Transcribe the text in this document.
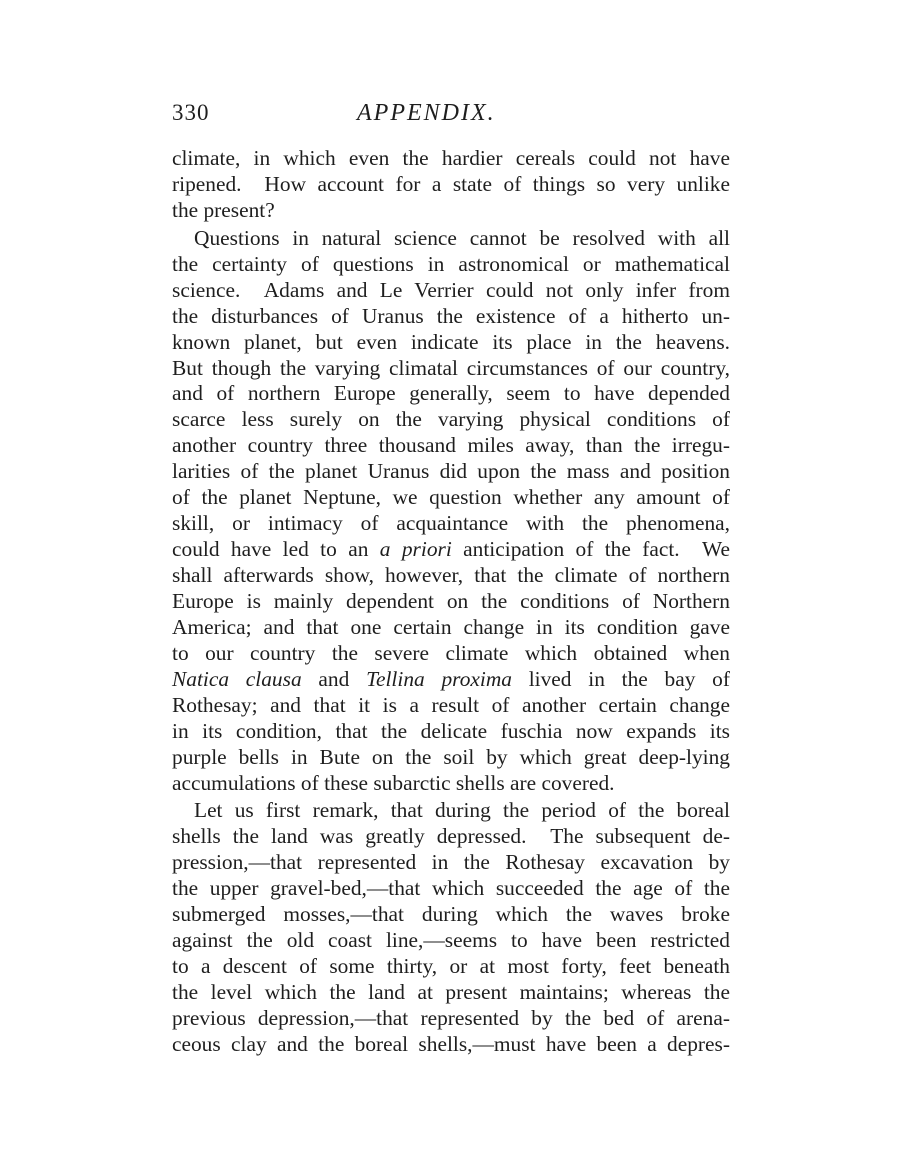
330	APPENDIX.
climate, in which even the hardier cereals could not have
ripened.  How account for a state of things so very unlike
the present?
Questions in natural science cannot be resolved with all
the certainty of questions in astronomical or mathematical
science.  Adams and Le Verrier could not only infer from
the disturbances of Uranus the existence of a hitherto un-
known planet, but even indicate its place in the heavens.
But though the varying climatal circumstances of our country,
and of northern Europe generally, seem to have depended
scarce less surely on the varying physical conditions of
another country three thousand miles away, than the irregu-
larities of the planet Uranus did upon the mass and position
of the planet Neptune, we question whether any amount of
skill, or intimacy of acquaintance with the phenomena,
could have led to an a priori anticipation of the fact.  We
shall afterwards show, however, that the climate of northern
Europe is mainly dependent on the conditions of Northern
America; and that one certain change in its condition gave
to our country the severe climate which obtained when
Natica clausa and Tellina proxima lived in the bay of
Rothesay; and that it is a result of another certain change
in its condition, that the delicate fuschia now expands its
purple bells in Bute on the soil by which great deep-lying
accumulations of these subarctic shells are covered.
Let us first remark, that during the period of the boreal
shells the land was greatly depressed.  The subsequent de-
pression,—that represented in the Rothesay excavation by
the upper gravel-bed,—that which succeeded the age of the
submerged mosses,—that during which the waves broke
against the old coast line,—seems to have been restricted
to a descent of some thirty, or at most forty, feet beneath
the level which the land at present maintains; whereas the
previous depression,—that represented by the bed of arena-
ceous clay and the boreal shells,—must have been a depres-
